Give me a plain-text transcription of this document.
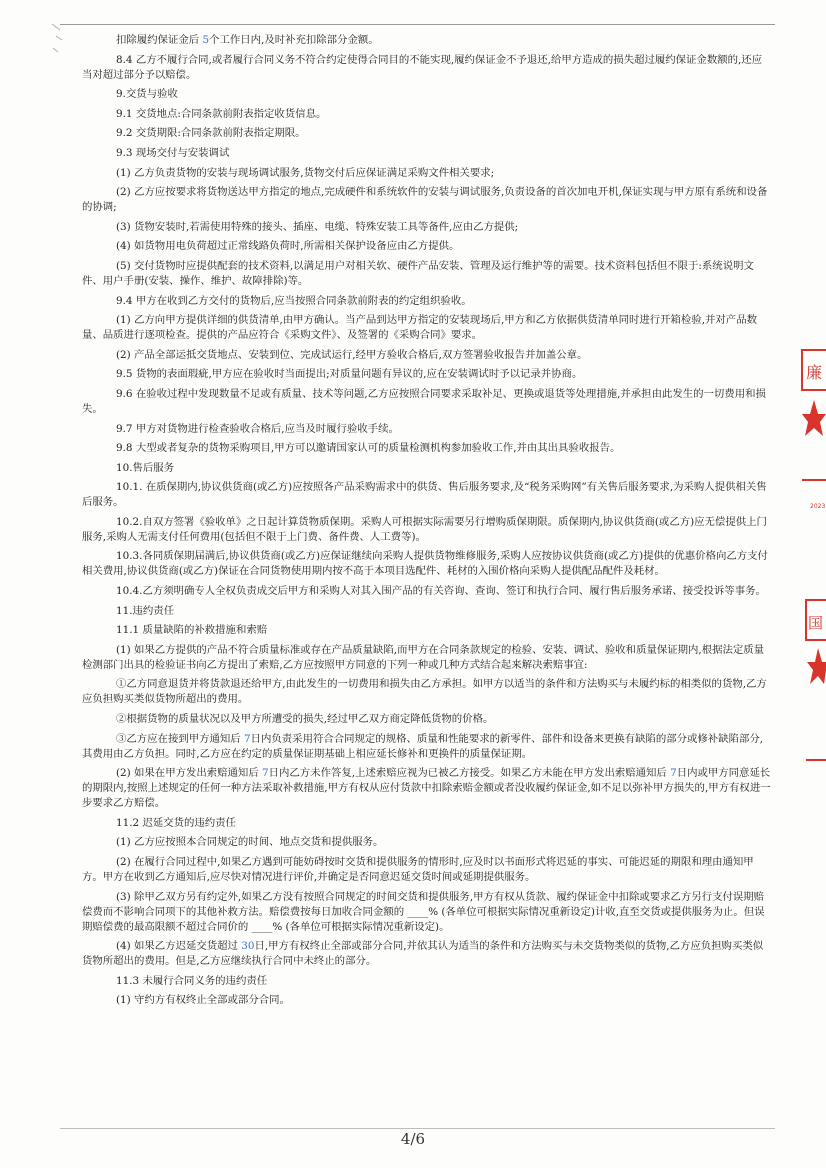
扣除履约保证金后 5个工作日内,及时补充扣除部分金额。

8.4 乙方不履行合同,或者履行合同义务不符合约定使得合同目的不能实现,履约保证金不予退还,给甲方造成的损失超过履约保证金数额的,还应当对超过部分予以赔偿。

9.交货与验收

9.1 交货地点:合同条款前附表指定收货信息。

9.2 交货期限:合同条款前附表指定期限。

9.3 现场交付与安装调试

(1) 乙方负责货物的安装与现场调试服务,货物交付后应保证满足采购文件相关要求;

(2) 乙方应按要求将货物送达甲方指定的地点,完成硬件和系统软件的安装与调试服务,负责设备的首次加电开机,保证实现与甲方原有系统和设备的协调;

(3) 货物安装时,若需使用特殊的接头、插座、电缆、特殊安装工具等备件,应由乙方提供;

(4) 如货物用电负荷超过正常线路负荷时,所需相关保护设备应由乙方提供。

(5) 交付货物时应提供配套的技术资料,以满足用户对相关软、硬件产品安装、管理及运行维护等的需要。技术资料包括但不限于:系统说明文件、用户手册(安装、操作、维护、故障排除)等。

9.4 甲方在收到乙方交付的货物后,应当按照合同条款前附表的约定组织验收。

(1) 乙方向甲方提供详细的供货清单,由甲方确认。当产品到达甲方指定的安装现场后,甲方和乙方依据供货清单同时进行开箱检验,并对产品数量、品质进行逐项检查。提供的产品应符合《采购文件》、及签署的《采购合同》要求。

(2) 产品全部运抵交货地点、安装到位、完成试运行,经甲方验收合格后,双方签署验收报告并加盖公章。

9.5 货物的表面瑕疵,甲方应在验收时当面提出;对质量问题有异议的,应在安装调试时予以记录并协商。

9.6 在验收过程中发现数量不足或有质量、技术等问题,乙方应按照合同要求采取补足、更换或退货等处理措施,并承担由此发生的一切费用和损失。

9.7 甲方对货物进行检查验收合格后,应当及时履行验收手续。

9.8 大型或者复杂的货物采购项目,甲方可以邀请国家认可的质量检测机构参加验收工作,并由其出具验收报告。

10.售后服务

10.1. 在质保期内,协议供货商(或乙方)应按照各产品采购需求中的供货、售后服务要求,及“税务采购网”有关售后服务要求,为采购人提供相关售后服务。

10.2.自双方签署《验收单》之日起计算货物质保期。采购人可根据实际需要另行增购质保期限。质保期内,协议供货商(或乙方)应无偿提供上门服务,采购人无需支付任何费用(包括但不限于上门费、备件费、人工费等)。

10.3.各同质保期届满后,协议供货商(或乙方)应保证继续向采购人提供货物维修服务,采购人应按协议供货商(或乙方)提供的优惠价格向乙方支付相关费用,协议供货商(或乙方)保证在合同货物使用期内按不高于本项目选配件、耗材的入围价格向采购人提供配品配件及耗材。

10.4.乙方须明确专人全权负责成交后甲方和采购人对其入围产品的有关咨询、查询、签订和执行合同、履行售后服务承诺、接受投诉等事务。

11.违约责任

11.1 质量缺陷的补救措施和索赔

(1) 如果乙方提供的产品不符合质量标准或存在产品质量缺陷,而甲方在合同条款规定的检验、安装、调试、验收和质量保证期内,根据法定质量检测部门出具的检验证书向乙方提出了索赔,乙方应按照甲方同意的下列一种或几种方式结合起来解决索赔事宜:

①乙方同意退货并将货款退还给甲方,由此发生的一切费用和损失由乙方承担。如甲方以适当的条件和方法购买与未履约标的相类似的货物,乙方应负担购买类似货物所超出的费用。

②根据货物的质量状况以及甲方所遭受的损失,经过甲乙双方商定降低货物的价格。

③乙方应在接到甲方通知后 7日内负责采用符合合同规定的规格、质量和性能要求的新零件、部件和设备来更换有缺陷的部分或修补缺陷部分,其费用由乙方负担。同时,乙方应在约定的质量保证期基础上相应延长修补和更换件的质量保证期。

(2) 如果在甲方发出索赔通知后 7日内乙方未作答复,上述索赔应视为已被乙方接受。如果乙方未能在甲方发出索赔通知后 7日内或甲方同意延长的期限内,按照上述规定的任何一种方法采取补救措施,甲方有权从应付货款中扣除索赔金额或者没收履约保证金,如不足以弥补甲方损失的,甲方有权进一步要求乙方赔偿。

11.2 迟延交货的违约责任

(1) 乙方应按照本合同规定的时间、地点交货和提供服务。

(2) 在履行合同过程中,如果乙方遇到可能妨碍按时交货和提供服务的情形时,应及时以书面形式将迟延的事实、可能迟延的期限和理由通知甲方。甲方在收到乙方通知后,应尽快对情况进行评价,并确定是否同意迟延交货时间或延期提供服务。

(3) 除甲乙双方另有约定外,如果乙方没有按照合同规定的时间交货和提供服务,甲方有权从货款、履约保证金中扣除或要求乙方另行支付误期赔偿费而不影响合同项下的其他补救方法。赔偿费按每日加收合同金额的 ____% (各单位可根据实际情况重新设定)计收,直至交货或提供服务为止。但误期赔偿费的最高限额不超过合同价的 ____% (各单位可根据实际情况重新设定)。

(4) 如果乙方迟延交货超过 30日,甲方有权终止全部或部分合同,并依其认为适当的条件和方法购买与未交货物类似的货物,乙方应负担购买类似货物所超出的费用。但是,乙方应继续执行合同中未终止的部分。

11.3 未履行合同义务的违约责任

(1) 守约方有权终止全部或部分合同。

4/6
廉
2023
国
